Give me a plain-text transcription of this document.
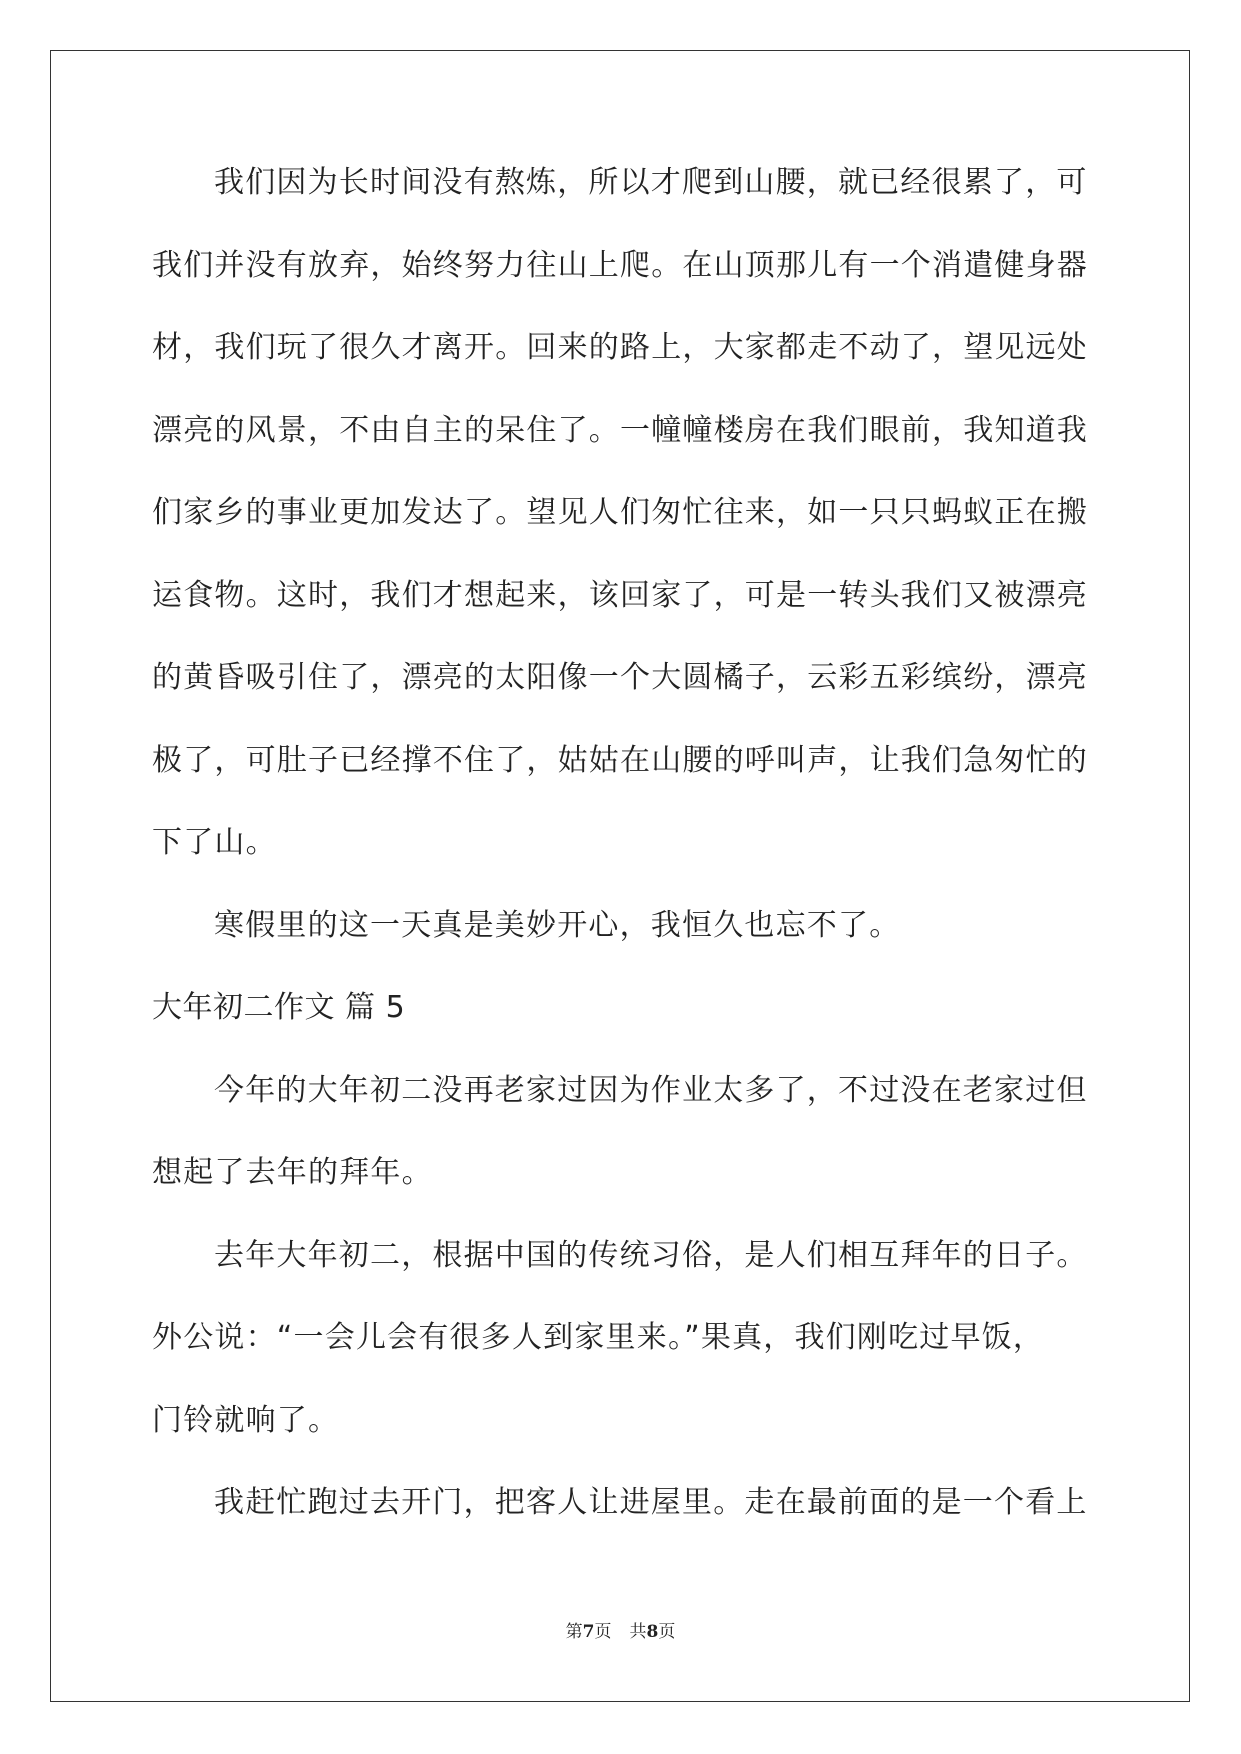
我们因为长时间没有熬炼，所以才爬到山腰，就已经很累了，可
我们并没有放弃，始终努力往山上爬。在山顶那儿有一个消遣健身器
材，我们玩了很久才离开。回来的路上，大家都走不动了，望见远处
漂亮的风景，不由自主的呆住了。一幢幢楼房在我们眼前，我知道我
们家乡的事业更加发达了。望见人们匆忙往来，如一只只蚂蚁正在搬
运食物。这时，我们才想起来，该回家了，可是一转头我们又被漂亮
的黄昏吸引住了，漂亮的太阳像一个大圆橘子，云彩五彩缤纷，漂亮
极了，可肚子已经撑不住了，姑姑在山腰的呼叫声，让我们急匆忙的
下了山。
寒假里的这一天真是美妙开心，我恒久也忘不了。
大年初二作文 篇 5
今年的大年初二没再老家过因为作业太多了，不过没在老家过但
想起了去年的拜年。
去年大年初二，根据中国的传统习俗，是人们相互拜年的日子。
外公说：“一会儿会有很多人到家里来。”果真，我们刚吃过早饭，
门铃就响了。
我赶忙跑过去开门，把客人让进屋里。走在最前面的是一个看上
第7页 共8页
